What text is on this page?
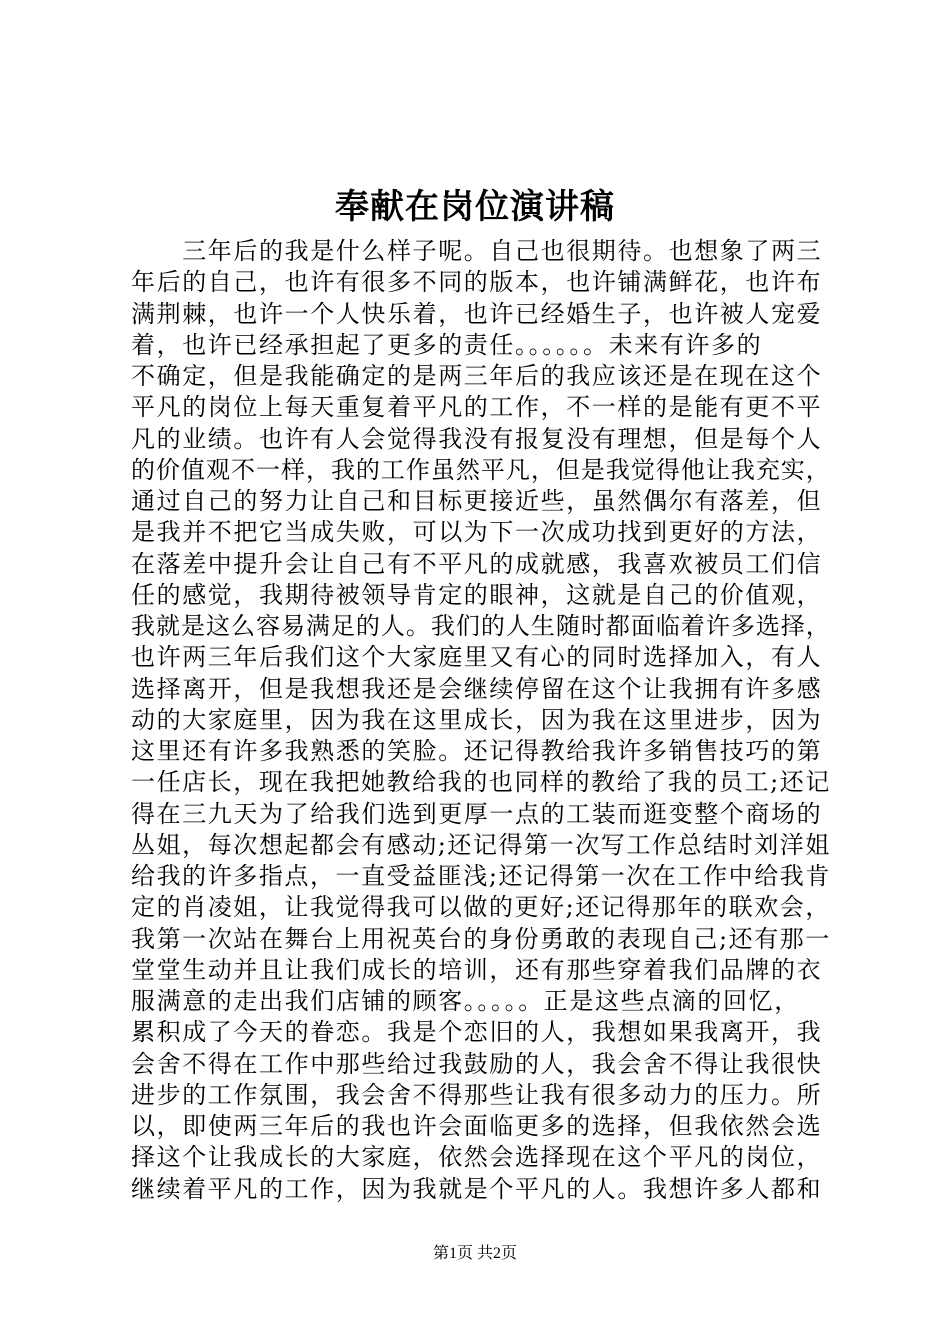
奉献在岗位演讲稿
　　三年后的我是什么样子呢。自己也很期待。也想象了两三
年后的自己，也许有很多不同的版本，也许铺满鲜花，也许布
满荆棘，也许一个人快乐着，也许已经婚生子，也许被人宠爱
着，也许已经承担起了更多的责任。。。。。。未来有许多的
不确定，但是我能确定的是两三年后的我应该还是在现在这个
平凡的岗位上每天重复着平凡的工作，不一样的是能有更不平
凡的业绩。也许有人会觉得我没有报复没有理想，但是每个人
的价值观不一样，我的工作虽然平凡，但是我觉得他让我充实，
通过自己的努力让自己和目标更接近些，虽然偶尔有落差，但
是我并不把它当成失败，可以为下一次成功找到更好的方法，
在落差中提升会让自己有不平凡的成就感，我喜欢被员工们信
任的感觉，我期待被领导肯定的眼神，这就是自己的价值观，
我就是这么容易满足的人。我们的人生随时都面临着许多选择，
也许两三年后我们这个大家庭里又有心的同时选择加入，有人
选择离开，但是我想我还是会继续停留在这个让我拥有许多感
动的大家庭里，因为我在这里成长，因为我在这里进步，因为
这里还有许多我熟悉的笑脸。还记得教给我许多销售技巧的第
一任店长，现在我把她教给我的也同样的教给了我的员工;还记
得在三九天为了给我们选到更厚一点的工装而逛变整个商场的
丛姐，每次想起都会有感动;还记得第一次写工作总结时刘洋姐
给我的许多指点，一直受益匪浅;还记得第一次在工作中给我肯
定的肖凌姐，让我觉得我可以做的更好;还记得那年的联欢会，
我第一次站在舞台上用祝英台的身份勇敢的表现自己;还有那一
堂堂生动并且让我们成长的培训，还有那些穿着我们品牌的衣
服满意的走出我们店铺的顾客。。。。。正是这些点滴的回忆，
累积成了今天的眷恋。我是个恋旧的人，我想如果我离开，我
会舍不得在工作中那些给过我鼓励的人，我会舍不得让我很快
进步的工作氛围，我会舍不得那些让我有很多动力的压力。所
以，即使两三年后的我也许会面临更多的选择，但我依然会选
择这个让我成长的大家庭，依然会选择现在这个平凡的岗位，
继续着平凡的工作，因为我就是个平凡的人。我想许多人都和
第1页 共2页
